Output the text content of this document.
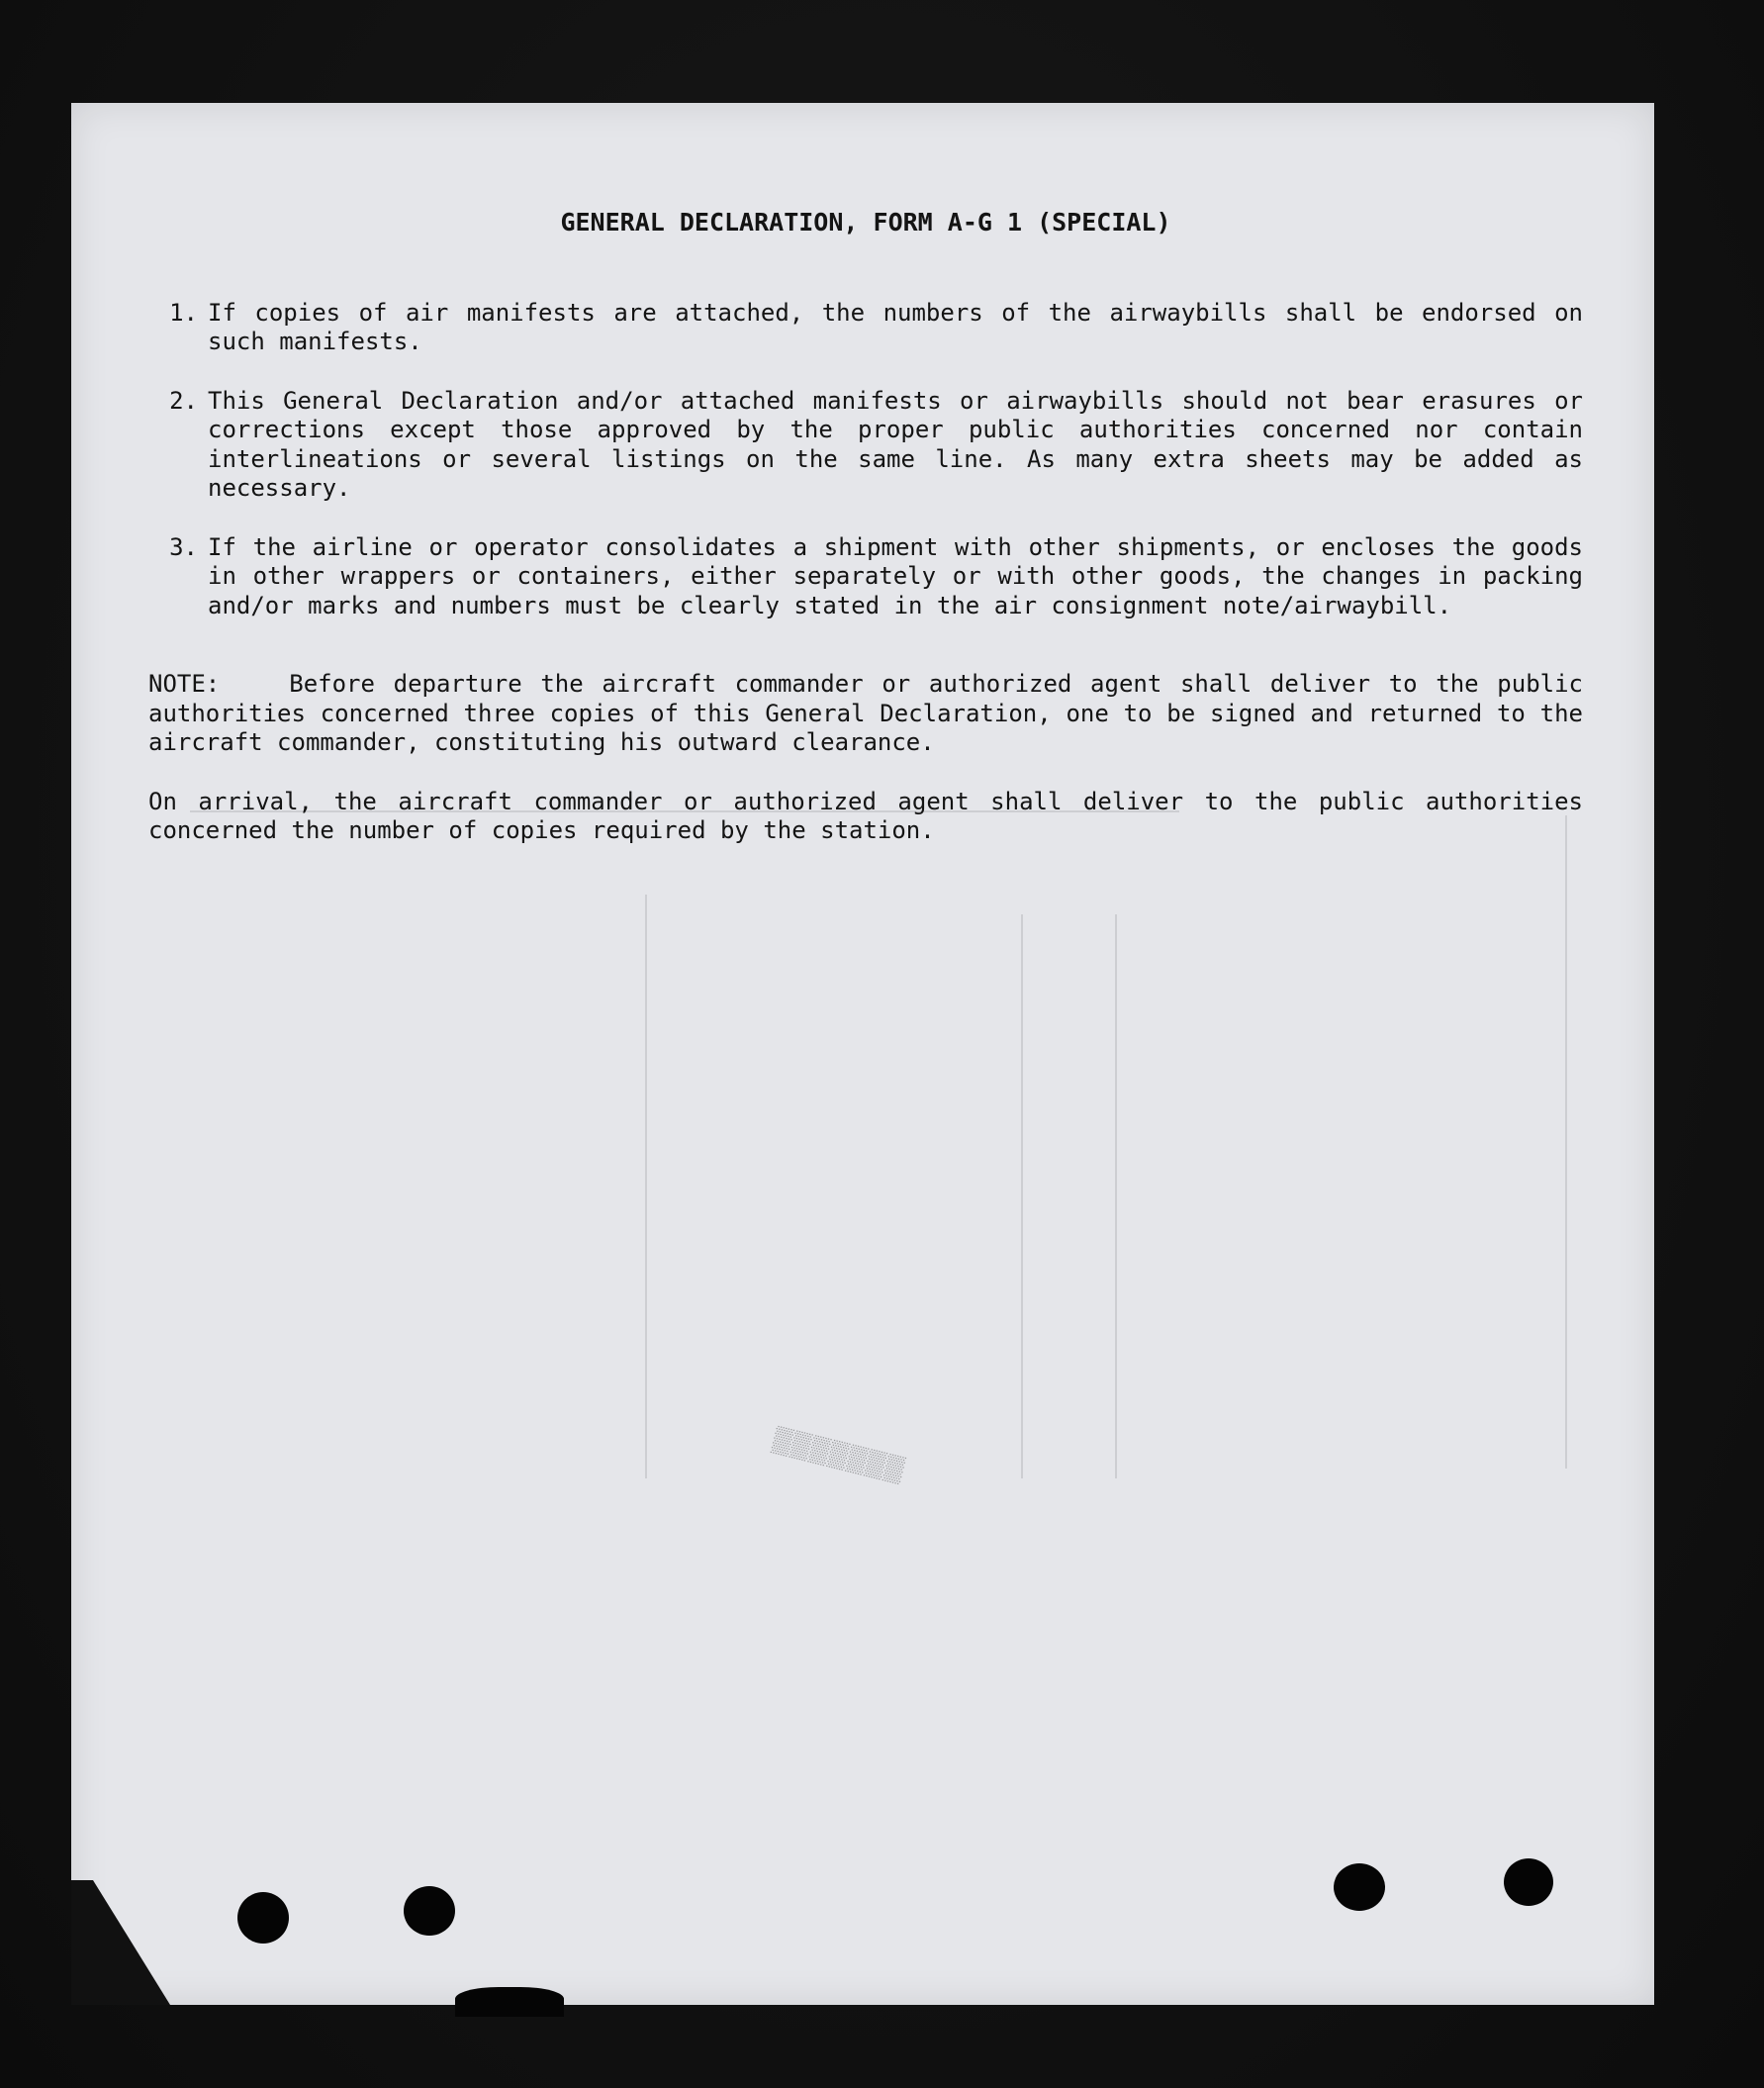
GENERAL DECLARATION, FORM A-G 1 (SPECIAL)
1. If copies of air manifests are attached, the numbers of the airwaybills shall be endorsed on such manifests.
2. This General Declaration and/or attached manifests or airwaybills should not bear erasures or corrections except those approved by the proper public authorities concerned nor contain interlineations or several listings on the same line. As many extra sheets may be added as necessary.
3. If the airline or operator consolidates a shipment with other shipments, or encloses the goods in other wrappers or containers, either separately or with other goods, the changes in packing and/or marks and numbers must be clearly stated in the air consignment note/airwaybill.
NOTE:	Before departure the aircraft commander or authorized agent shall deliver to the public authorities concerned three copies of this General Declaration, one to be signed and returned to the aircraft commander, constituting his outward clearance.
On arrival, the aircraft commander or authorized agent shall deliver to the public authorities concerned the number of copies required by the station.
▒▒▒▒▒▒▒
